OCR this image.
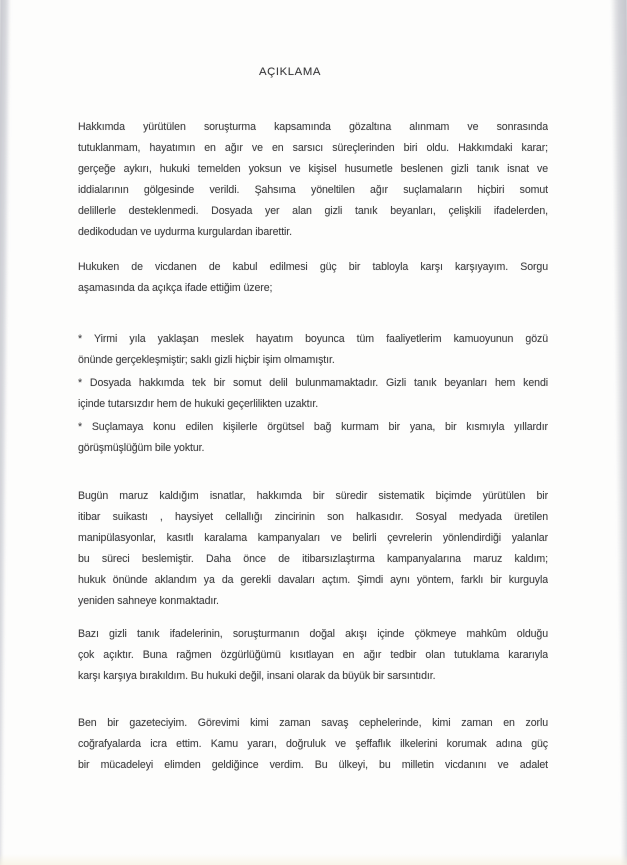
AÇIKLAMA
Hakkımda yürütülen soruşturma kapsamında gözaltına alınmam ve sonrasında
tutuklanmam, hayatımın en ağır ve en sarsıcı süreçlerinden biri oldu. Hakkımdaki karar;
gerçeğe aykırı, hukuki temelden yoksun ve kişisel husumetle beslenen gizli tanık isnat ve
iddialarının gölgesinde verildi. Şahsıma yöneltilen ağır suçlamaların hiçbiri somut
delillerle desteklenmedi. Dosyada yer alan gizli tanık beyanları, çelişkili ifadelerden,
dedikodudan ve uydurma kurgulardan ibarettir.
Hukuken de vicdanen de kabul edilmesi güç bir tabloyla karşı karşıyayım. Sorgu
aşamasında da açıkça ifade ettiğim üzere;
* Yirmi yıla yaklaşan meslek hayatım boyunca tüm faaliyetlerim kamuoyunun gözü
önünde gerçekleşmiştir; saklı gizli hiçbir işim olmamıştır.
* Dosyada hakkımda tek bir somut delil bulunmamaktadır. Gizli tanık beyanları hem kendi
içinde tutarsızdır hem de hukuki geçerlilikten uzaktır.
* Suçlamaya konu edilen kişilerle örgütsel bağ kurmam bir yana, bir kısmıyla yıllardır
görüşmüşlüğüm bile yoktur.
Bugün maruz kaldığım isnatlar, hakkımda bir süredir sistematik biçimde yürütülen bir
itibar suikastı , haysiyet cellallığı zincirinin son halkasıdır. Sosyal medyada üretilen
manipülasyonlar, kasıtlı karalama kampanyaları ve belirli çevrelerin yönlendirdiği yalanlar
bu süreci beslemiştir. Daha önce de itibarsızlaştırma kampanyalarına maruz kaldım;
hukuk önünde aklandım ya da gerekli davaları açtım. Şimdi aynı yöntem, farklı bir kurguyla
yeniden sahneye konmaktadır.
Bazı gizli tanık ifadelerinin, soruşturmanın doğal akışı içinde çökmeye mahkûm olduğu
çok açıktır. Buna rağmen özgürlüğümü kısıtlayan en ağır tedbir olan tutuklama kararıyla
karşı karşıya bırakıldım. Bu hukuki değil, insani olarak da büyük bir sarsıntıdır.
Ben bir gazeteciyim. Görevimi kimi zaman savaş cephelerinde, kimi zaman en zorlu
coğrafyalarda icra ettim. Kamu yararı, doğruluk ve şeffaflık ilkelerini korumak adına güç
bir mücadeleyi elimden geldiğince verdim. Bu ülkeyi, bu milletin vicdanını ve adalet
